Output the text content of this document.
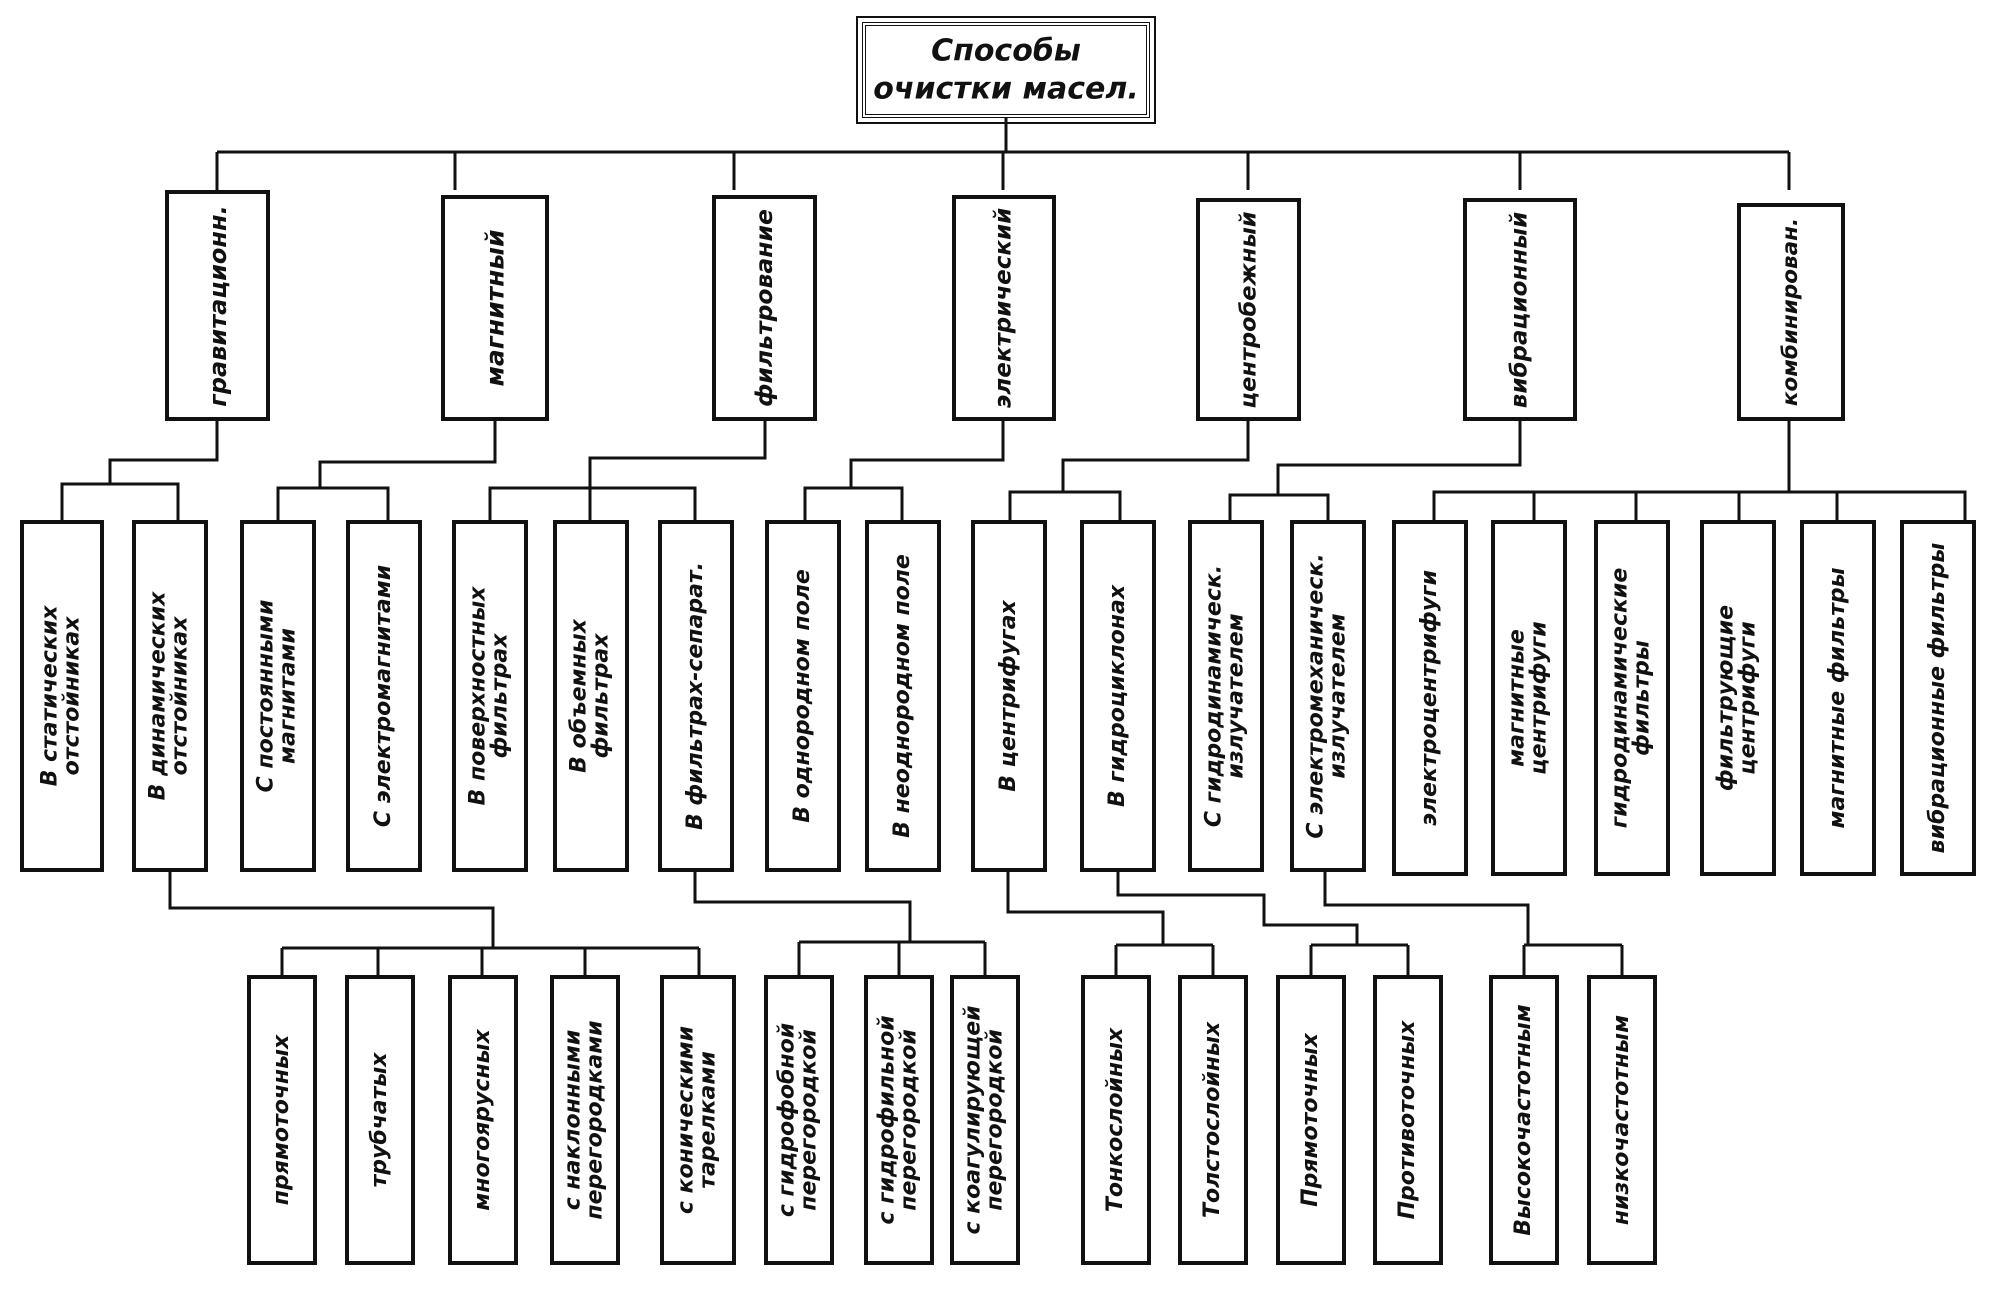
Способы
очистки масел.
гравитационн.	магнитный	фильтрование	электрический	центробежный	вибрационный	комбинирован.
В статических
отстойниках	В динамических
отстойниках	С постоянными
магнитами	С электромагнитами	В поверхностных
фильтрах В объемных
фильтрах	В фильтрах-сепарат.	В однородном поле	В неоднородном поле	В центрифугах	В гидроциклонах	С гидродинамическ.
излучателем С электромеханическ.
излучателем	электроцентрифуги	магнитные
центрифуги	гидродинамические
фильтры	фильтрующие
центрифуги	магнитные фильтры	вибрационные фильтры
прямоточных	трубчатых	многоярусных	с наклонными
перегородками	с коническими
тарелками с гидрофобной
перегородкой с гидрофильной
перегородкой с коагулирующей
перегородкой	Тонкослойных	Толстослойных	Прямоточных	Противоточных	Высокочастотным	низкочастотным
